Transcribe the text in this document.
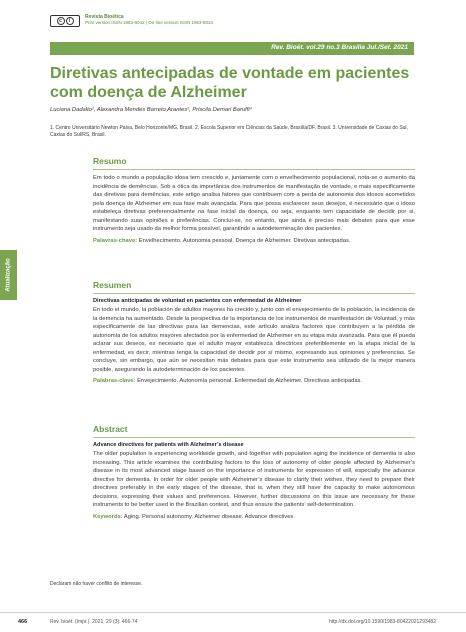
c	i
Revista Bioética
Print version ISSN 1983-8042 | On-line version ISSN 1983-8034
Rev. Bioét. vol.29 no.3 Brasília Jul./Set. 2021
Diretivas antecipadas de vontade em pacientes com doença de Alzheimer
Luciana Dadalto¹, Alexandra Mendes Barreto Arantes², Priscila Demari Baruffi³
1. Centro Universitário Newton Paiva, Belo Horizonte/MG, Brasil. 2. Escola Superior em Ciências da Saúde, Brasília/DF, Brasil. 3. Universidade de Caxias do Sul, Caxias do Sul/RS, Brasil.
Atualização
Resumo

Em todo o mundo a população idosa tem crescido e, juntamente com o envelhecimento populacional, nota-se o aumento da incidência de demências. Sob a ótica da importância dos instrumentos de manifestação de vontade, e mais especificamente das diretivas para demências, este artigo analisa fatores que contribuem com a perda de autonomia dos idosos acometidos pela doença de Alzheimer em sua fase mais avançada. Para que possa esclarecer seus desejos, é necessário que o idoso estabeleça diretivas preferencialmente na fase inicial da doença, ou seja, enquanto tem capacidade de decidir por si, manifestando suas opiniões e preferências. Conclui-se, no entanto, que ainda é preciso mais debates para que esse instrumento seja usado da melhor forma possível, garantindo a autodeterminação dos pacientes.

Palavras-chave: Envelhecimento. Autonomia pessoal. Doença de Alzheimer. Diretivas antecipadas.

Resumen
Directivas anticipadas de voluntad en pacientes con enfermedad de Alzheimer

En todo el mundo, la población de adultos mayores ha crecido y, junto con el envejecimiento de la población, la incidencia de la demencia ha aumentado. Desde la perspectiva de la importancia de los instrumentos de manifestación de Voluntad, y más específicamente de las directivas para las demencias, este artículo analiza factores que contribuyen a la pérdida de autonomía de los adultos mayores afectados por la enfermedad de Alzheimer en su etapa más avanzada. Para que él pueda aclarar sus deseos, es necesario que el adulto mayor establezca directrices preferiblemente en la etapa inicial de la enfermedad, es decir, mientras tenga la capacidad de decidir por sí mismo, expresando sus opiniones y preferencias. Se concluye, sin embargo, que aún se necesitan más debates para que este instrumento sea utilizado de la mejor manera posible, asegurando la autodeterminación de los pacientes.

Palabras-clave: Envejecimiento. Autonomía personal. Enfermedad de Alzheimer. Directivas anticipadas.

Abstract
Advance directives for patients with Alzheimer’s disease

The older population is experiencing worldwide growth, and together with population aging the incidence of dementia is also increasing. This article examines the contributing factors to the loss of autonomy of older people affected by Alzheimer’s disease in its most advanced stage based on the importance of instruments for expression of will, especially the advance directive for dementia. In order for older people with Alzheimer’s disease to clarify their wishes, they need to prepare their directives preferably in the early stages of the disease, that is, when they still have the capacity to make autonomous decisions, expressing their values and preferences. However, further discussions on this issue are necessary for these instruments to be better used in the Brazilian context, and thus ensure the patients’ self-determination.

Keywords: Aging. Personal autonomy. Alzheimer disease. Advance directives.

Declaram não haver conflito de interesse.
466	Rev. bioét. (Impr.). 2021; 29 (3): 466-74	http://dx.doi.org/10.1590/1983-80422021293482
